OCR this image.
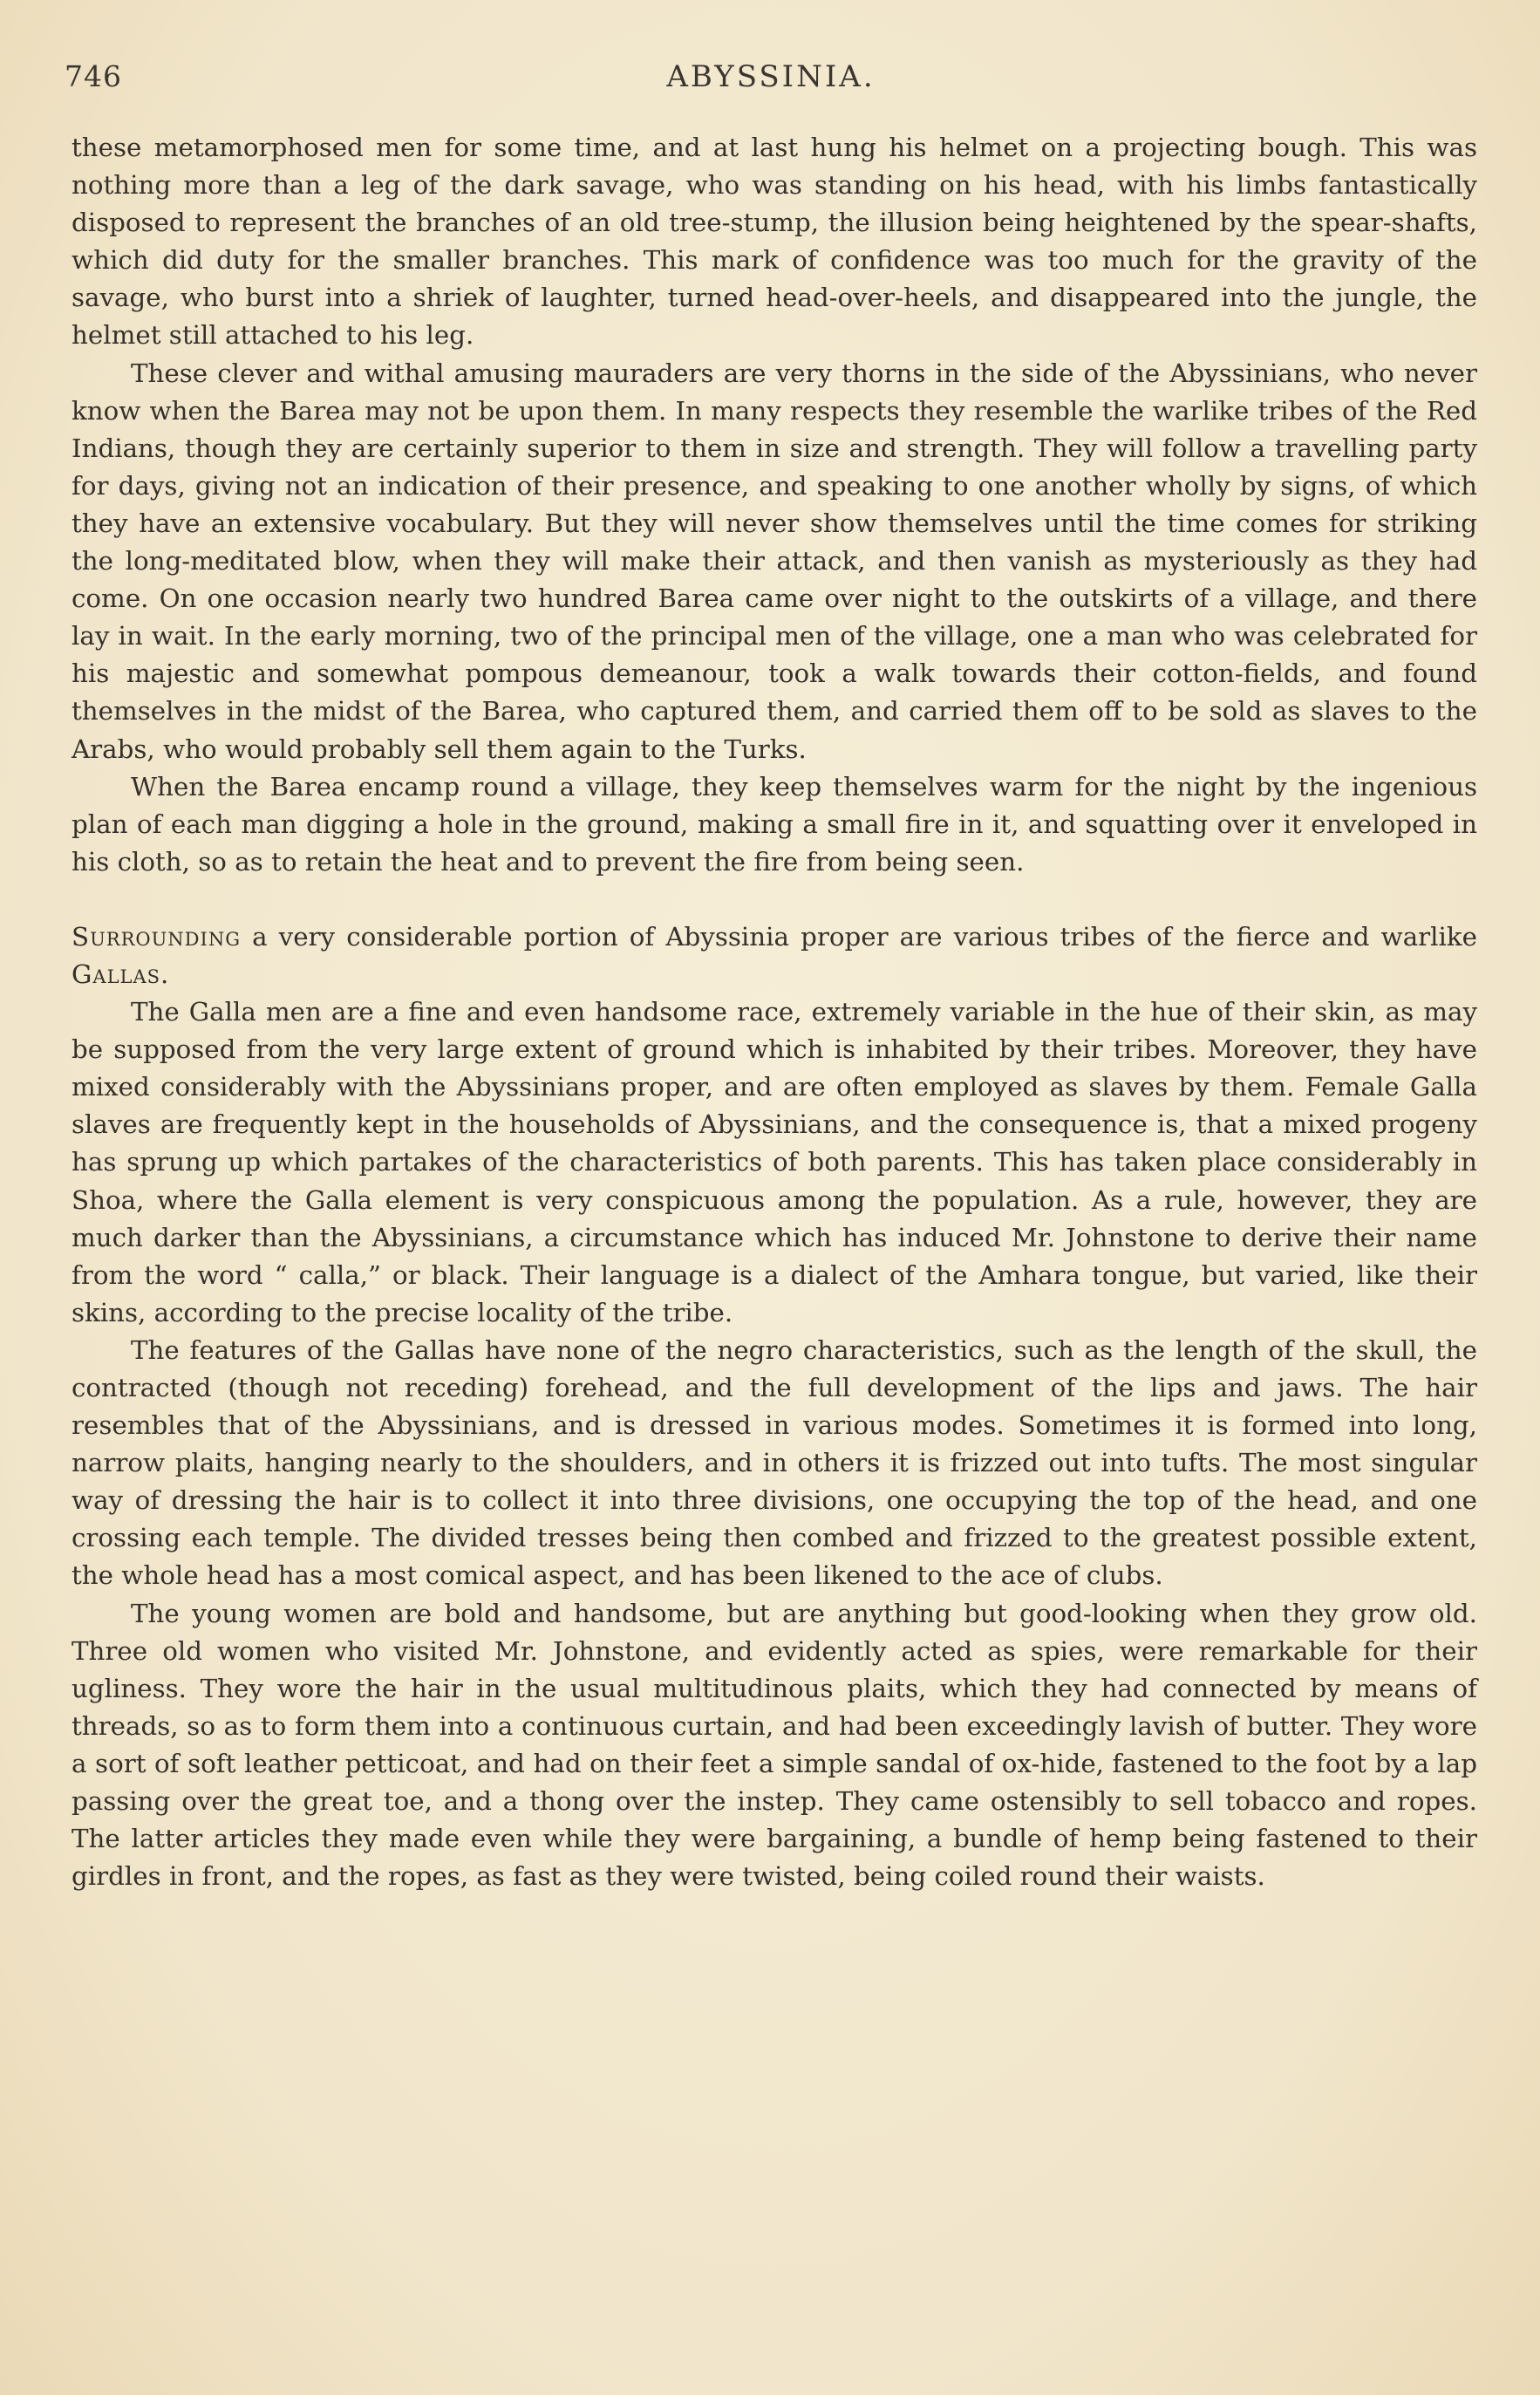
746	ABYSSINIA.

these metamorphosed men for some time, and at last hung his helmet on a projecting bough. This was nothing more than a leg of the dark savage, who was standing on his head, with his limbs fantastically disposed to represent the branches of an old tree-stump, the illusion being heightened by the spear-shafts, which did duty for the smaller branches. This mark of confidence was too much for the gravity of the savage, who burst into a shriek of laughter, turned head-over-heels, and disappeared into the jungle, the helmet still attached to his leg.

These clever and withal amusing mauraders are very thorns in the side of the Abyssinians, who never know when the Barea may not be upon them. In many respects they resemble the warlike tribes of the Red Indians, though they are certainly superior to them in size and strength. They will follow a travelling party for days, giving not an indication of their presence, and speaking to one another wholly by signs, of which they have an extensive vocabulary. But they will never show themselves until the time comes for striking the long-meditated blow, when they will make their attack, and then vanish as mysteriously as they had come. On one occasion nearly two hundred Barea came over night to the outskirts of a village, and there lay in wait. In the early morning, two of the principal men of the village, one a man who was celebrated for his majestic and somewhat pompous demeanour, took a walk towards their cotton-fields, and found themselves in the midst of the Barea, who captured them, and carried them off to be sold as slaves to the Arabs, who would probably sell them again to the Turks.

When the Barea encamp round a village, they keep themselves warm for the night by the ingenious plan of each man digging a hole in the ground, making a small fire in it, and squatting over it enveloped in his cloth, so as to retain the heat and to prevent the fire from being seen.

Surrounding a very considerable portion of Abyssinia proper are various tribes of the fierce and warlike Gallas.

The Galla men are a fine and even handsome race, extremely variable in the hue of their skin, as may be supposed from the very large extent of ground which is inhabited by their tribes. Moreover, they have mixed considerably with the Abyssinians proper, and are often employed as slaves by them. Female Galla slaves are frequently kept in the households of Abyssinians, and the consequence is, that a mixed progeny has sprung up which partakes of the characteristics of both parents. This has taken place considerably in Shoa, where the Galla element is very conspicuous among the population. As a rule, however, they are much darker than the Abyssinians, a circumstance which has induced Mr. Johnstone to derive their name from the word “ calla,” or black. Their language is a dialect of the Amhara tongue, but varied, like their skins, according to the precise locality of the tribe.

The features of the Gallas have none of the negro characteristics, such as the length of the skull, the contracted (though not receding) forehead, and the full development of the lips and jaws. The hair resembles that of the Abyssinians, and is dressed in various modes. Sometimes it is formed into long, narrow plaits, hanging nearly to the shoulders, and in others it is frizzed out into tufts. The most singular way of dressing the hair is to collect it into three divisions, one occupying the top of the head, and one crossing each temple. The divided tresses being then combed and frizzed to the greatest possible extent, the whole head has a most comical aspect, and has been likened to the ace of clubs.

The young women are bold and handsome, but are anything but good-looking when they grow old. Three old women who visited Mr. Johnstone, and evidently acted as spies, were remarkable for their ugliness. They wore the hair in the usual multitudinous plaits, which they had connected by means of threads, so as to form them into a continuous curtain, and had been exceedingly lavish of butter. They wore a sort of soft leather petticoat, and had on their feet a simple sandal of ox-hide, fastened to the foot by a lap passing over the great toe, and a thong over the instep. They came ostensibly to sell tobacco and ropes. The latter articles they made even while they were bargaining, a bundle of hemp being fastened to their girdles in front, and the ropes, as fast as they were twisted, being coiled round their waists.
